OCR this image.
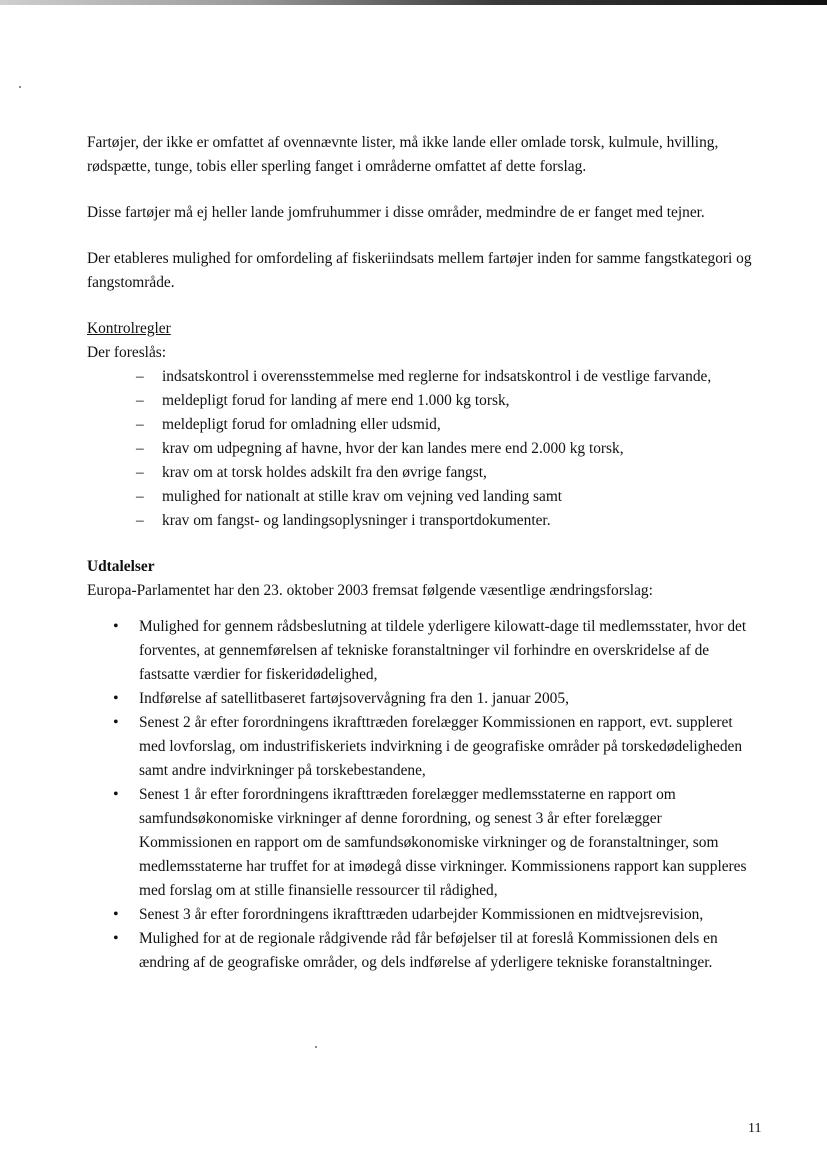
Fartøjer, der ikke er omfattet af ovennævnte lister, må ikke lande eller omlade torsk, kulmule, hvilling, rødspætte, tunge, tobis eller sperling fanget i områderne omfattet af dette forslag.

Disse fartøjer må ej heller lande jomfruhummer i disse områder, medmindre de er fanget med tejner.

Der etableres mulighed for omfordeling af fiskeriindsats mellem fartøjer inden for samme fangstkategori og fangstområde.

Kontrolregler

Der foreslås:

– indsatskontrol i overensstemmelse med reglerne for indsatskontrol i de vestlige farvande,
– meldepligt forud for landing af mere end 1.000 kg torsk,
– meldepligt forud for omladning eller udsmid,
– krav om udpegning af havne, hvor der kan landes mere end 2.000 kg torsk,
– krav om at torsk holdes adskilt fra den øvrige fangst,
– mulighed for nationalt at stille krav om vejning ved landing samt
– krav om fangst- og landingsoplysninger i transportdokumenter.

Udtalelser

Europa-Parlamentet har den 23. oktober 2003 fremsat følgende væsentlige ændringsforslag:

• Mulighed for gennem rådsbeslutning at tildele yderligere kilowatt-dage til medlemsstater, hvor det forventes, at gennemførelsen af tekniske foranstaltninger vil forhindre en overskridelse af de fastsatte værdier for fiskeridødelighed,
• Indførelse af satellitbaseret fartøjsovervågning fra den 1. januar 2005,
• Senest 2 år efter forordningens ikrafttræden forelægger Kommissionen en rapport, evt. suppleret med lovforslag, om industrifiskeriets indvirkning i de geografiske områder på torskedødeligheden samt andre indvirkninger på torskebestandene,
• Senest 1 år efter forordningens ikrafttræden forelægger medlemsstaterne en rapport om samfundsøkonomiske virkninger af denne forordning, og senest 3 år efter forelægger Kommissionen en rapport om de samfundsøkonomiske virkninger og de foranstaltninger, som medlemsstaterne har truffet for at imødegå disse virkninger. Kommissionens rapport kan suppleres med forslag om at stille finansielle ressourcer til rådighed,
• Senest 3 år efter forordningens ikrafttræden udarbejder Kommissionen en midtvejsrevision,
• Mulighed for at de regionale rådgivende råd får beføjelser til at foreslå Kommissionen dels en ændring af de geografiske områder, og dels indførelse af yderligere tekniske foranstaltninger.
11
